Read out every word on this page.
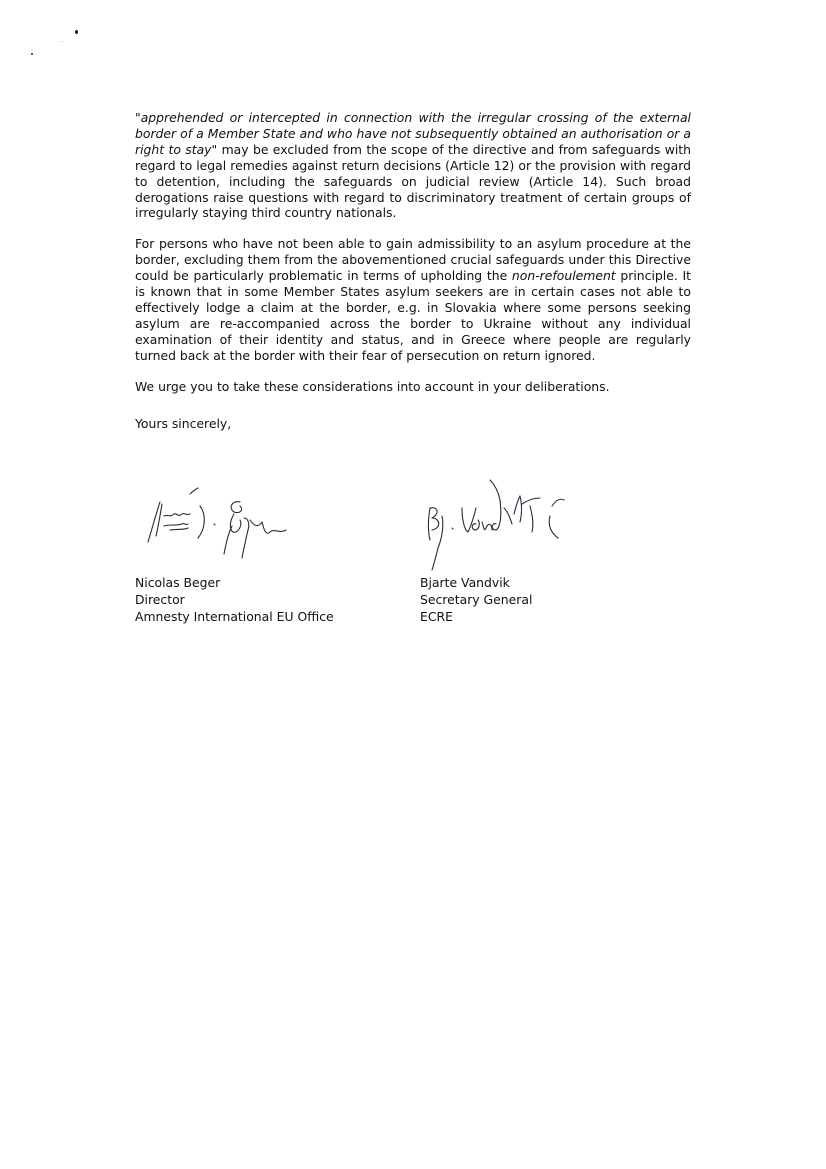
"apprehended or intercepted in connection with the irregular crossing of the external border of a Member State and who have not subsequently obtained an authorisation or a right to stay" may be excluded from the scope of the directive and from safeguards with regard to legal remedies against return decisions (Article 12) or the provision with regard to detention, including the safeguards on judicial review (Article 14). Such broad derogations raise questions with regard to discriminatory treatment of certain groups of irregularly staying third country nationals.

For persons who have not been able to gain admissibility to an asylum procedure at the border, excluding them from the abovementioned crucial safeguards under this Directive could be particularly problematic in terms of upholding the non-refoulement principle. It is known that in some Member States asylum seekers are in certain cases not able to effectively lodge a claim at the border, e.g. in Slovakia where some persons seeking asylum are re-accompanied across the border to Ukraine without any individual examination of their identity and status, and in Greece where people are regularly turned back at the border with their fear of persecution on return ignored.

We urge you to take these considerations into account in your deliberations.

Yours sincerely,

Nicolas Beger
Director
Amnesty International EU Office
Bjarte Vandvik
Secretary General
ECRE
